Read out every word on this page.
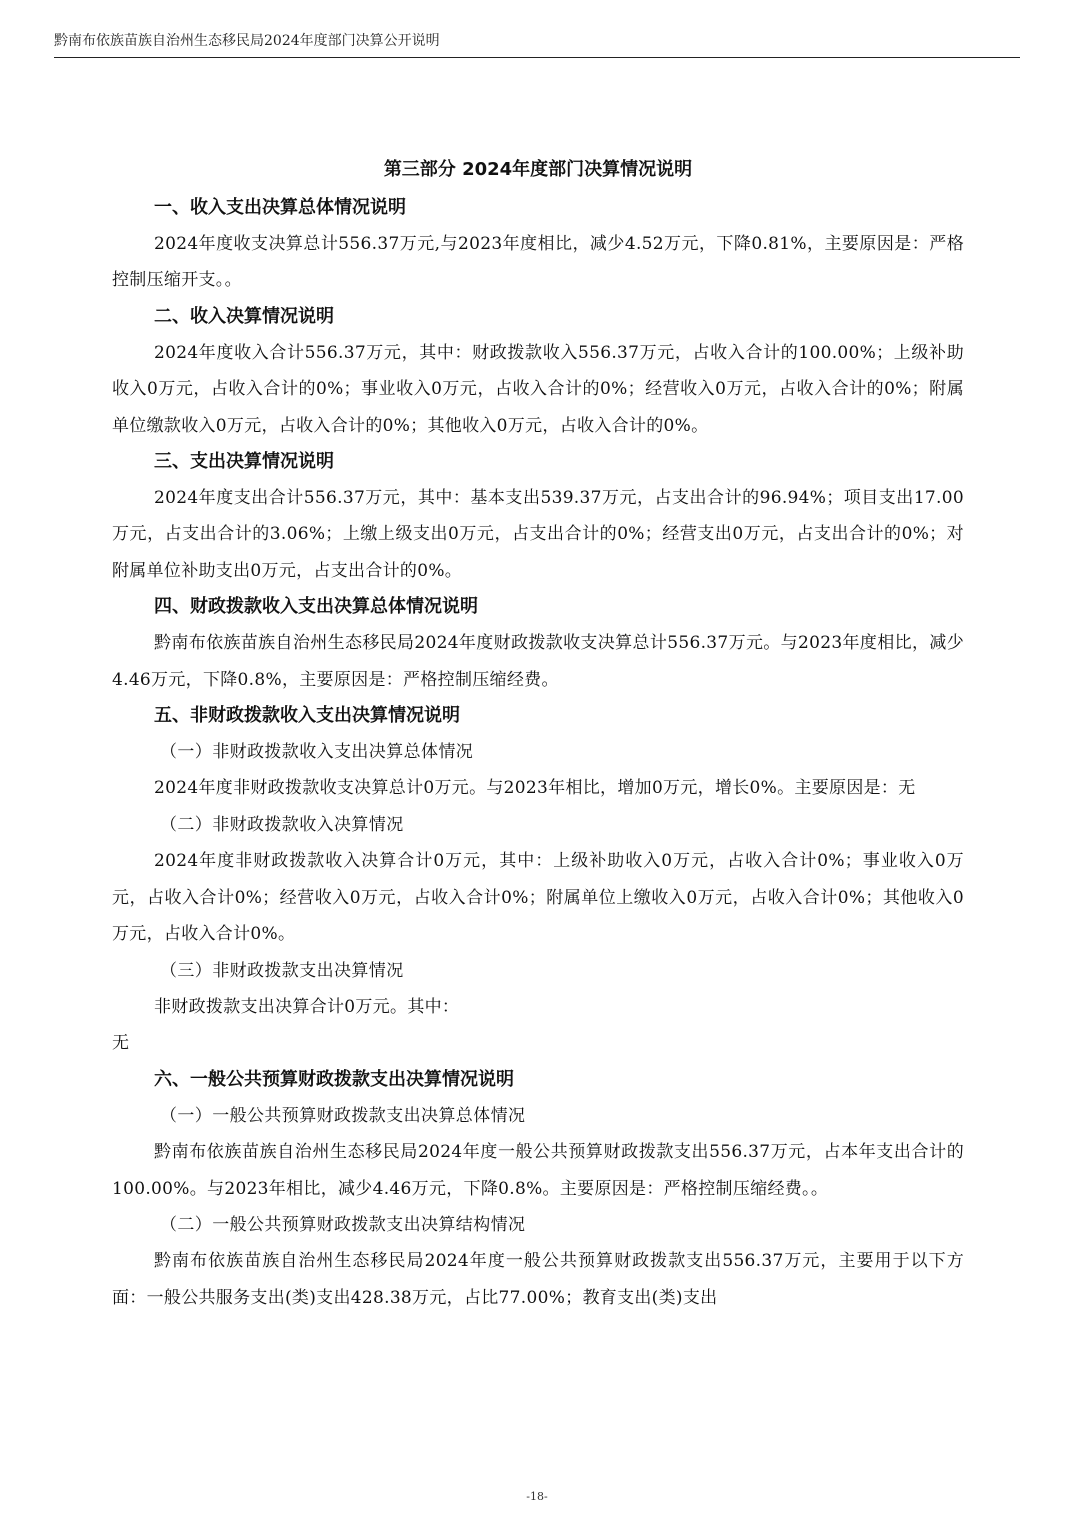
黔南布依族苗族自治州生态移民局2024年度部门决算公开说明
第三部分 2024年度部门决算情况说明
一、收入支出决算总体情况说明
2024年度收支决算总计556.37万元,与2023年度相比，减少4.52万元，下降0.81%，主要原因是：严格控制压缩开支。。
二、收入决算情况说明
2024年度收入合计556.37万元，其中：财政拨款收入556.37万元，占收入合计的100.00%；上级补助收入0万元，占收入合计的0%；事业收入0万元，占收入合计的0%；经营收入0万元，占收入合计的0%；附属单位缴款收入0万元，占收入合计的0%；其他收入0万元，占收入合计的0%。
三、支出决算情况说明
2024年度支出合计556.37万元，其中：基本支出539.37万元，占支出合计的96.94%；项目支出17.00万元，占支出合计的3.06%；上缴上级支出0万元，占支出合计的0%；经营支出0万元，占支出合计的0%；对附属单位补助支出0万元，占支出合计的0%。
四、财政拨款收入支出决算总体情况说明
黔南布依族苗族自治州生态移民局2024年度财政拨款收支决算总计556.37万元。与2023年度相比，减少4.46万元，下降0.8%，主要原因是：严格控制压缩经费。
五、非财政拨款收入支出决算情况说明
（一）非财政拨款收入支出决算总体情况
2024年度非财政拨款收支决算总计0万元。与2023年相比，增加0万元，增长0%。主要原因是：无
（二）非财政拨款收入决算情况
2024年度非财政拨款收入决算合计0万元，其中：上级补助收入0万元，占收入合计0%；事业收入0万元，占收入合计0%；经营收入0万元，占收入合计0%；附属单位上缴收入0万元，占收入合计0%；其他收入0万元，占收入合计0%。
（三）非财政拨款支出决算情况
非财政拨款支出决算合计0万元。其中：
无
六、一般公共预算财政拨款支出决算情况说明
（一）一般公共预算财政拨款支出决算总体情况
黔南布依族苗族自治州生态移民局2024年度一般公共预算财政拨款支出556.37万元，占本年支出合计的100.00%。与2023年相比，减少4.46万元，下降0.8%。主要原因是：严格控制压缩经费。。
（二）一般公共预算财政拨款支出决算结构情况
黔南布依族苗族自治州生态移民局2024年度一般公共预算财政拨款支出556.37万元，主要用于以下方面：一般公共服务支出(类)支出428.38万元，占比77.00%；教育支出(类)支出
-18-
